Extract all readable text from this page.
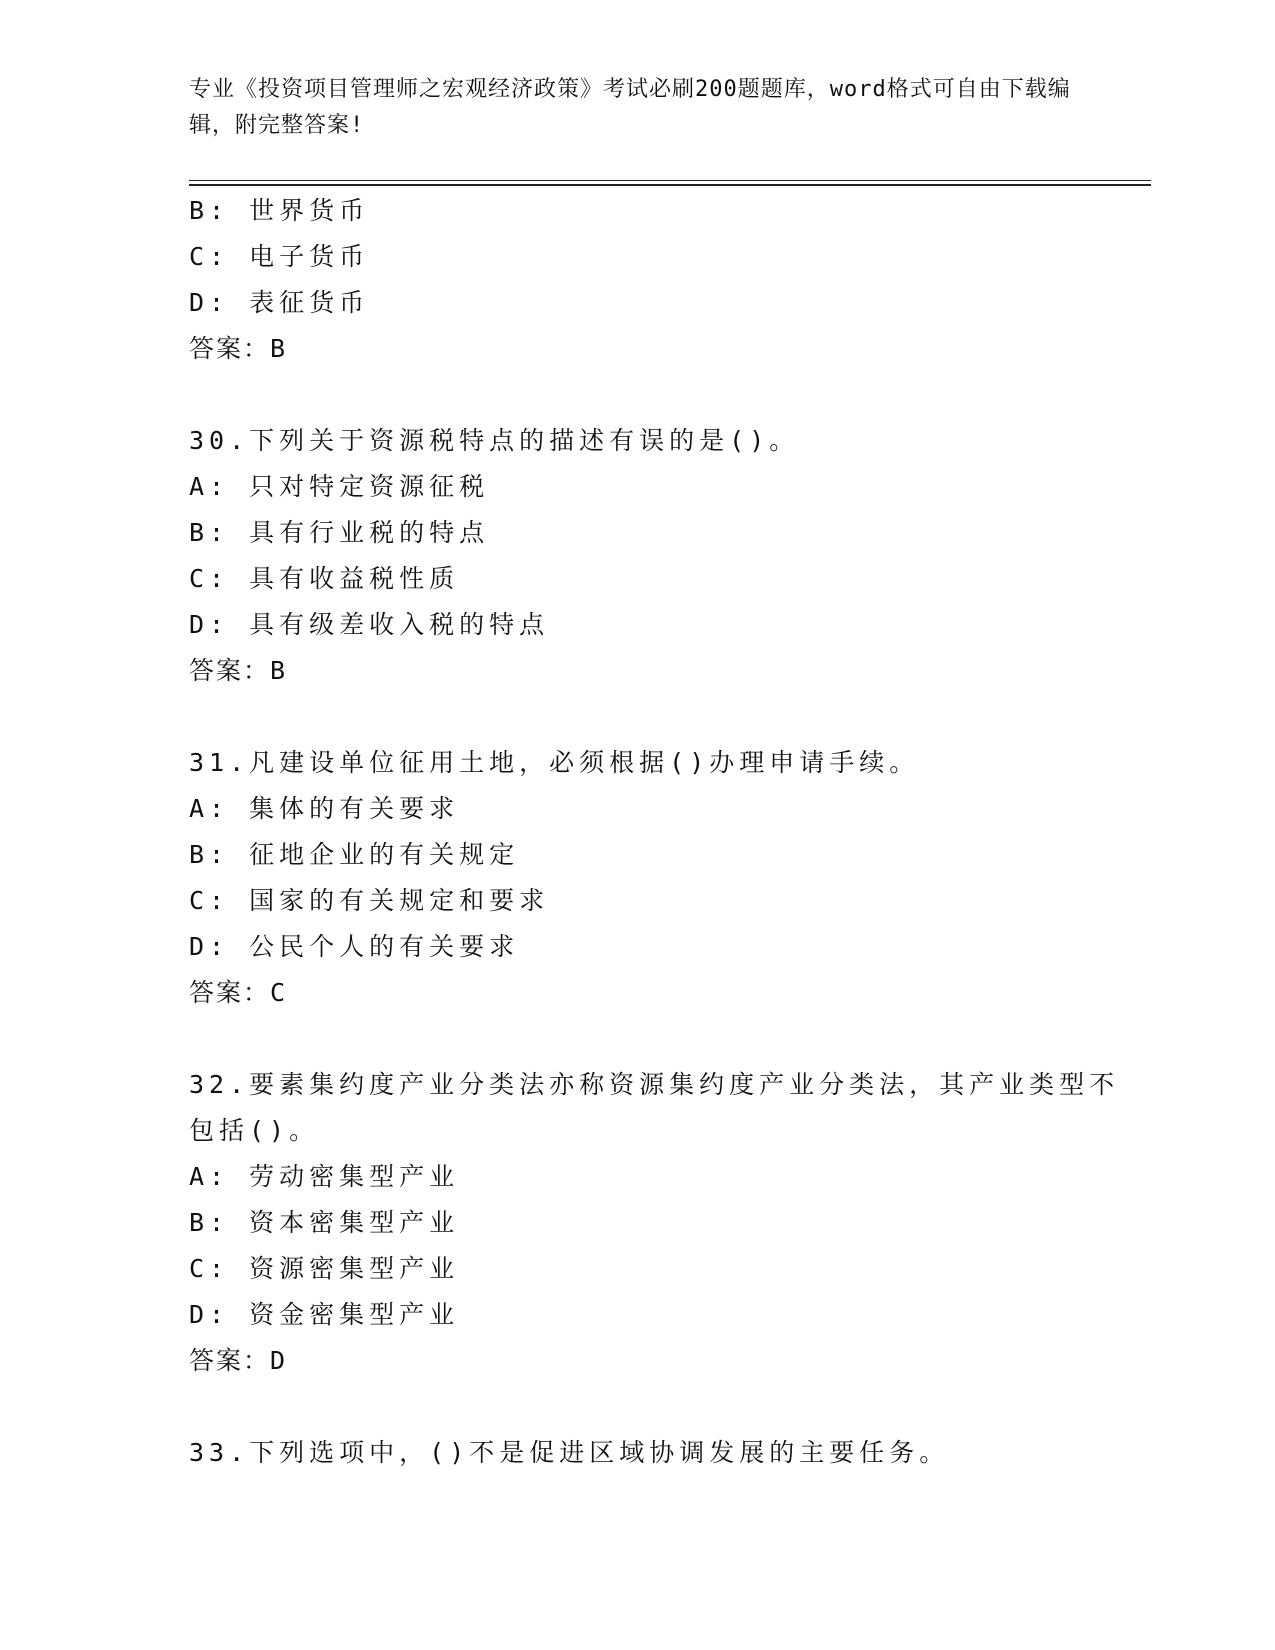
专业《投资项目管理师之宏观经济政策》考试必刷200题题库，word格式可自由下载编辑，附完整答案!
B: 世界货币
C: 电子货币
D: 表征货币
答案：B
30.下列关于资源税特点的描述有误的是()。
A: 只对特定资源征税
B: 具有行业税的特点
C: 具有收益税性质
D: 具有级差收入税的特点
答案：B
31.凡建设单位征用土地，必须根据()办理申请手续。
A: 集体的有关要求
B: 征地企业的有关规定
C: 国家的有关规定和要求
D: 公民个人的有关要求
答案：C
32.要素集约度产业分类法亦称资源集约度产业分类法，其产业类型不
包括()。
A: 劳动密集型产业
B: 资本密集型产业
C: 资源密集型产业
D: 资金密集型产业
答案：D
33.下列选项中，()不是促进区域协调发展的主要任务。
